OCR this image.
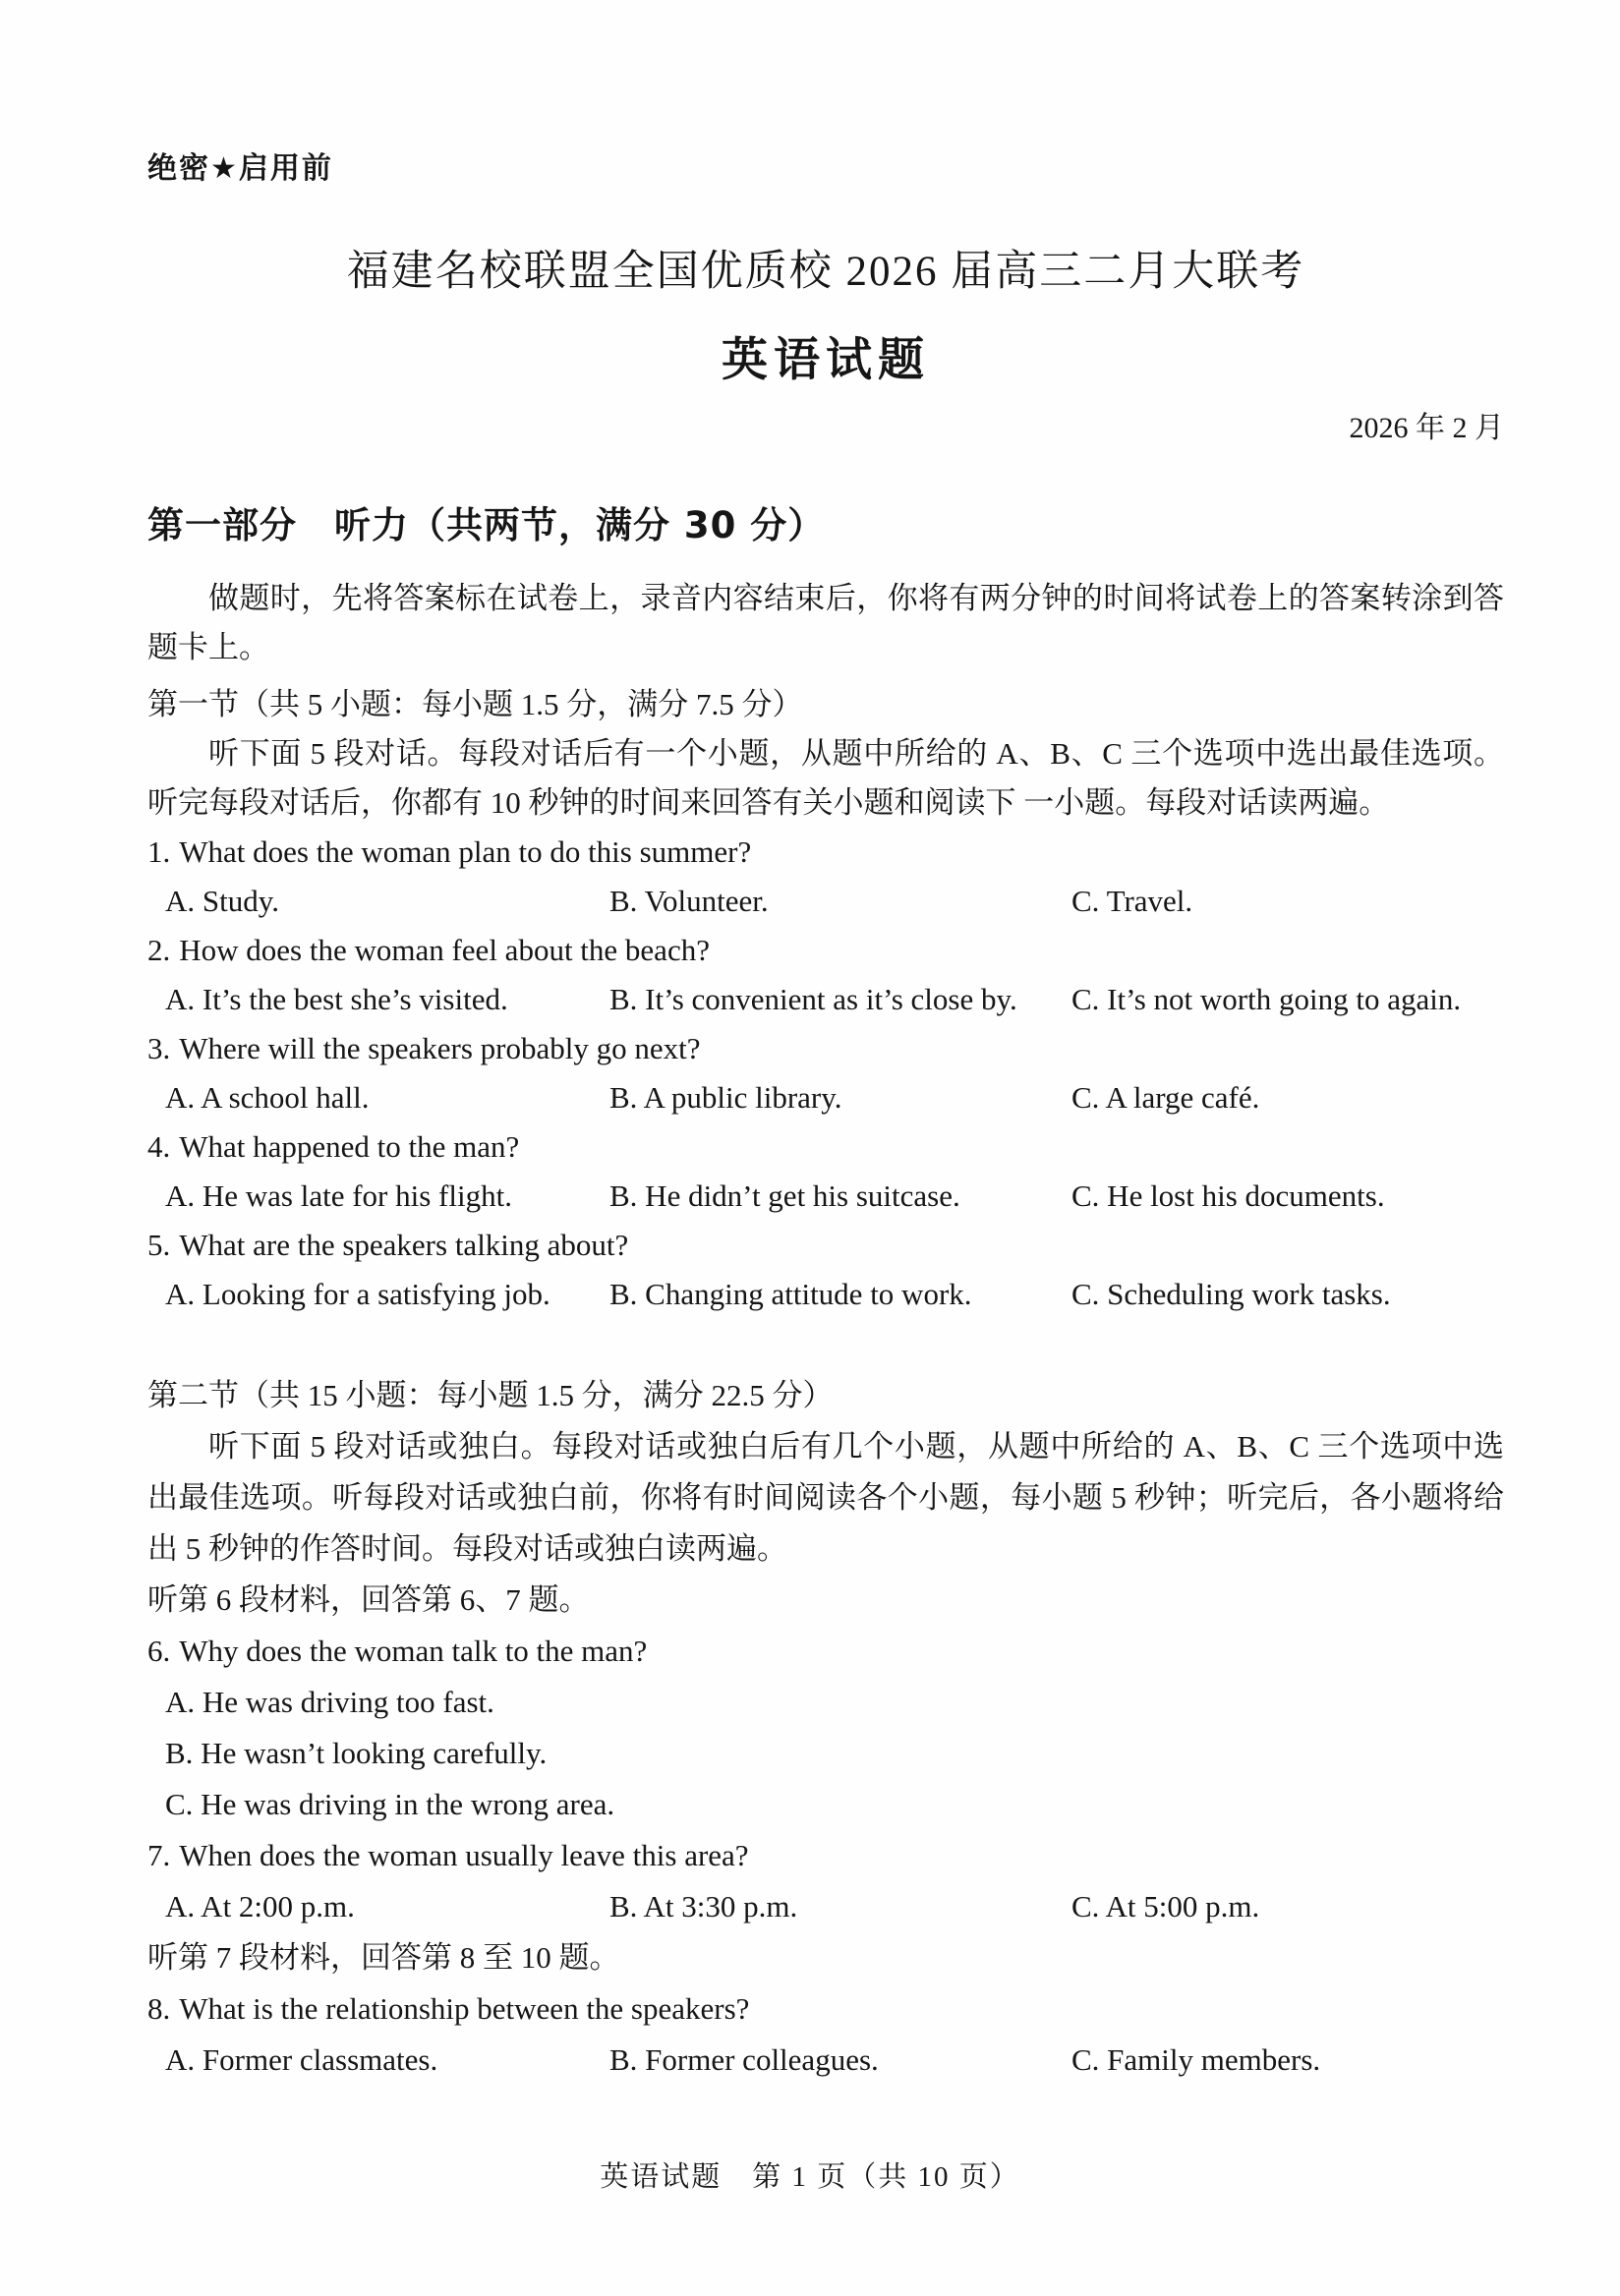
绝密★启用前
福建名校联盟全国优质校 2026 届高三二月大联考
英语试题
2026 年 2 月
第一部分　听力（共两节，满分 30 分）

做题时，先将答案标在试卷上，录音内容结束后，你将有两分钟的时间将试卷上的答案转涂到答题卡上。

第一节（共 5 小题：每小题 1.5 分，满分 7.5 分）

听下面 5 段对话。每段对话后有一个小题，从题中所给的 A、B、C 三个选项中选出最佳选项。听完每段对话后，你都有 10 秒钟的时间来回答有关小题和阅读下 一小题。每段对话读两遍。

1. What does the woman plan to do this summer?
A. Study.	B. Volunteer.	C. Travel.
2. How does the woman feel about the beach?
A. It’s the best she’s visited.	B. It’s convenient as it’s close by.	C. It’s not worth going to again.
3. Where will the speakers probably go next?
A. A school hall.	B. A public library.	C. A large café.
4. What happened to the man?
A. He was late for his flight.	B. He didn’t get his suitcase.	C. He lost his documents.
5. What are the speakers talking about?
A. Looking for a satisfying job.	B. Changing attitude to work.	C. Scheduling work tasks.
第二节（共 15 小题：每小题 1.5 分，满分 22.5 分）

听下面 5 段对话或独白。每段对话或独白后有几个小题，从题中所给的 A、B、C 三个选项中选出最佳选项。听每段对话或独白前，你将有时间阅读各个小题，每小题 5 秒钟；听完后，各小题将给出 5 秒钟的作答时间。每段对话或独白读两遍。

听第 6 段材料，回答第 6、7 题。
6. Why does the woman talk to the man?
A. He was driving too fast.
B. He wasn’t looking carefully.
C. He was driving in the wrong area.
7. When does the woman usually leave this area?
A. At 2:00 p.m.	B. At 3:30 p.m.	C. At 5:00 p.m.
听第 7 段材料，回答第 8 至 10 题。
8. What is the relationship between the speakers?
A. Former classmates.	B. Former colleagues.	C. Family members.
英语试题　第 1 页（共 10 页）
